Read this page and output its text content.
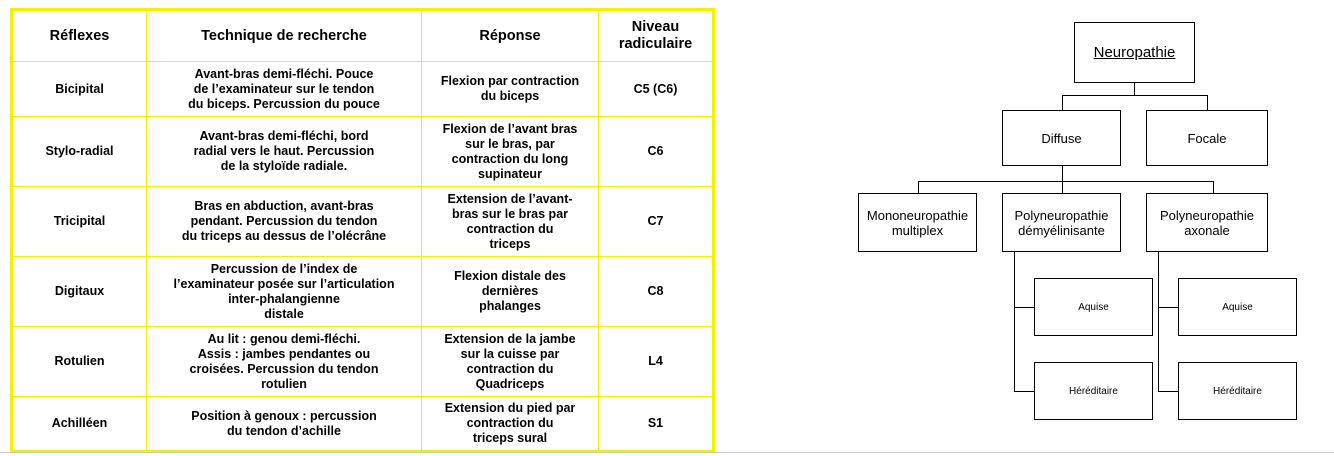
Réflexes	Technique de recherche	Réponse	Niveau radiculaire
Bicipital	Avant-bras demi-fléchi. Pouce
de l’examinateur sur le tendon
du biceps. Percussion du pouce	Flexion par contraction
du biceps	C5 (C6)
Stylo-radial	Avant-bras demi-fléchi, bord
radial vers le haut. Percussion
de la styloïde radiale.	Flexion de l’avant bras
sur le bras, par
contraction du long
supinateur	C6
Tricipital	Bras en abduction, avant-bras
pendant. Percussion du tendon
du triceps au dessus de l’olécrâne	Extension de l’avant-
bras sur le bras par
contraction du
triceps	C7
Digitaux	Percussion de l’index de
l’examinateur posée sur l’articulation
inter-phalangienne
distale	Flexion distale des
dernières
phalanges	C8
Rotulien	Au lit : genou demi-fléchi.
Assis : jambes pendantes ou
croisées. Percussion du tendon
rotulien	Extension de la jambe
sur la cuisse par
contraction du
Quadriceps	L4
Achilléen	Position à genoux : percussion
du tendon d’achille	Extension du pied par
contraction du
triceps sural	S1
Neuropathie
Diffuse	Focale
Mononeuropathie
multiplex
Polyneuropathie
démyélinisante
Polyneuropathie
axonale
Aquise
Héréditaire
Aquise
Héréditaire
